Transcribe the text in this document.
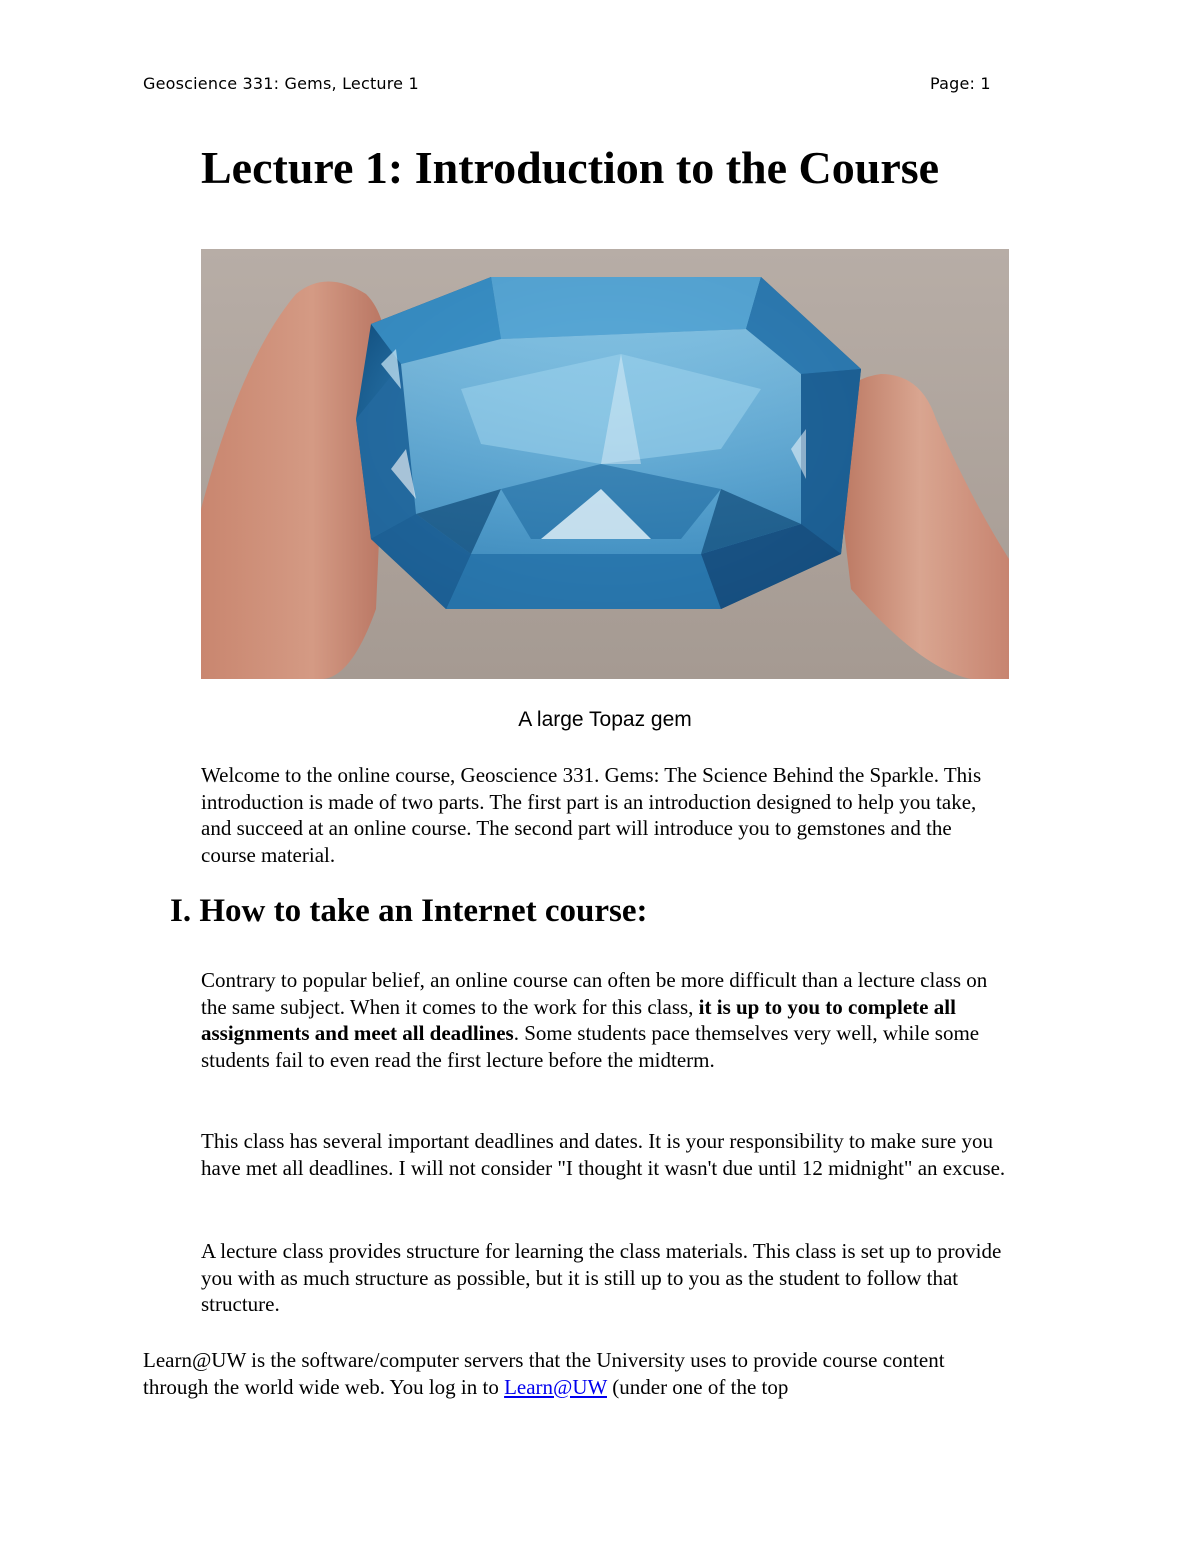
Geoscience 331: Gems, Lecture 1	Page: 1
Lecture 1: Introduction to the Course
A large Topaz gem

Welcome to the online course, Geoscience 331. Gems: The Science Behind the Sparkle. This introduction is made of two parts. The first part is an introduction designed to help you take, and succeed at an online course. The second part will introduce you to gemstones and the course material.

I. How to take an Internet course:

Contrary to popular belief, an online course can often be more difficult than a lecture class on the same subject. When it comes to the work for this class, it is up to you to complete all assignments and meet all deadlines. Some students pace themselves very well, while some students fail to even read the first lecture before the midterm.

This class has several important deadlines and dates. It is your responsibility to make sure you have met all deadlines. I will not consider "I thought it wasn't due until 12 midnight" an excuse.

A lecture class provides structure for learning the class materials. This class is set up to provide you with as much structure as possible, but it is still up to you as the student to follow that structure.

Learn@UW is the software/computer servers that the University uses to provide course content through the world wide web. You log in to Learn@UW (under one of the top
